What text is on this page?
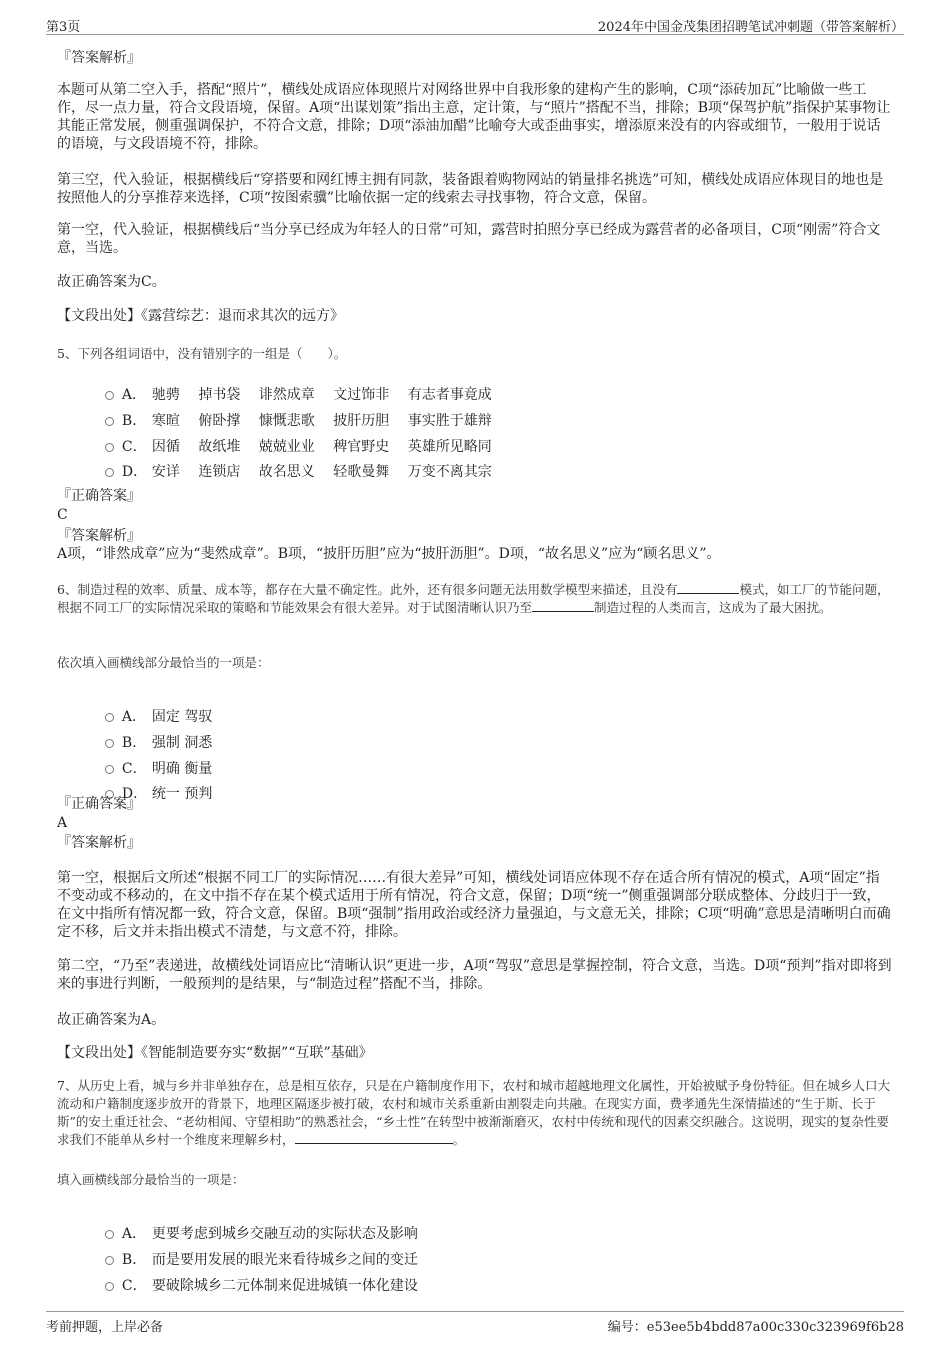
第3页	2024年中国金茂集团招聘笔试冲刺题（带答案解析）
『答案解析』
本题可从第二空入手，搭配“照片”，横线处成语应体现照片对网络世界中自我形象的建构产生的影响，C项“添砖加瓦”比喻做一些工作，尽一点力量，符合文段语境，保留。A项“出谋划策”指出主意，定计策，与“照片”搭配不当，排除；B项“保驾护航”指保护某事物让其能正常发展，侧重强调保护，不符合文意，排除；D项“添油加醋”比喻夸大或歪曲事实，增添原来没有的内容或细节，一般用于说话的语境，与文段语境不符，排除。
第三空，代入验证，根据横线后“穿搭要和网红博主拥有同款，装备跟着购物网站的销量排名挑选”可知，横线处成语应体现目的地也是按照他人的分享推荐来选择，C项“按图索骥”比喻依据一定的线索去寻找事物，符合文意，保留。
第一空，代入验证，根据横线后“当分享已经成为年轻人的日常”可知，露营时拍照分享已经成为露营者的必备项目，C项“刚需”符合文意，当选。
故正确答案为C。
【文段出处】《露营综艺：退而求其次的远方》
5、下列各组词语中，没有错别字的一组是（　　）。

A． 驰骋　 掉书袋　 诽然成章　 文过饰非　 有志者事竟成

B． 寒暄　 俯卧撑　 慷慨悲歌　 披肝历胆　 事实胜于雄辩

C． 因循　 故纸堆　 兢兢业业　 稗官野史　 英雄所见略同

D． 安详　 连锁店　 故名思义　 轻歌曼舞　 万变不离其宗

『正确答案』
C
『答案解析』
A项，“诽然成章”应为“斐然成章”。B项，“披肝历胆”应为“披肝沥胆”。D项，“故名思义”应为“顾名思义”。
6、制造过程的效率、质量、成本等，都存在大量不确定性。此外，还有很多问题无法用数学模型来描述，且没有	模式，如工厂的节能问题，根据不同工厂的实际情况采取的策略和节能效果会有很大差异。对于试图清晰认识乃至	制造过程的人类而言，这成为了最大困扰。
依次填入画横线部分最恰当的一项是：

A． 固定 驾驭

B． 强制 洞悉

C． 明确 衡量

D． 统一 预判

『正确答案』
A
『答案解析』
第一空，根据后文所述“根据不同工厂的实际情况……有很大差异”可知，横线处词语应体现不存在适合所有情况的模式，A项“固定”指不变动或不移动的，在文中指不存在某个模式适用于所有情况，符合文意，保留；D项“统一”侧重强调部分联成整体、分歧归于一致，在文中指所有情况都一致，符合文意，保留。B项“强制”指用政治或经济力量强迫，与文意无关，排除；C项“明确”意思是清晰明白而确定不移，后文并未指出模式不清楚，与文意不符，排除。
第二空，“乃至”表递进，故横线处词语应比“清晰认识”更进一步，A项“驾驭”意思是掌握控制，符合文意，当选。D项“预判”指对即将到来的事进行判断，一般预判的是结果，与“制造过程”搭配不当，排除。
故正确答案为A。
【文段出处】《智能制造要夯实“数据”“互联”基础》
7、从历史上看，城与乡并非单独存在，总是相互依存，只是在户籍制度作用下，农村和城市超越地理文化属性，开始被赋予身份特征。但在城乡人口大流动和户籍制度逐步放开的背景下，地理区隔逐步被打破，农村和城市关系重新由割裂走向共融。在现实方面，费孝通先生深情描述的“生于斯、长于斯”的安土重迁社会、“老幼相闻、守望相助”的熟悉社会，“乡土性”在转型中被渐渐磨灭，农村中传统和现代的因素交织融合。这说明，现实的复杂性要求我们不能单从乡村一个维度来理解乡村，	。
填入画横线部分最恰当的一项是：

A． 更要考虑到城乡交融互动的实际状态及影响

B． 而是要用发展的眼光来看待城乡之间的变迁

C． 要破除城乡二元体制来促进城镇一体化建设

考前押题，上岸必备	编号：e53ee5b4bdd87a00c330c323969f6b28
